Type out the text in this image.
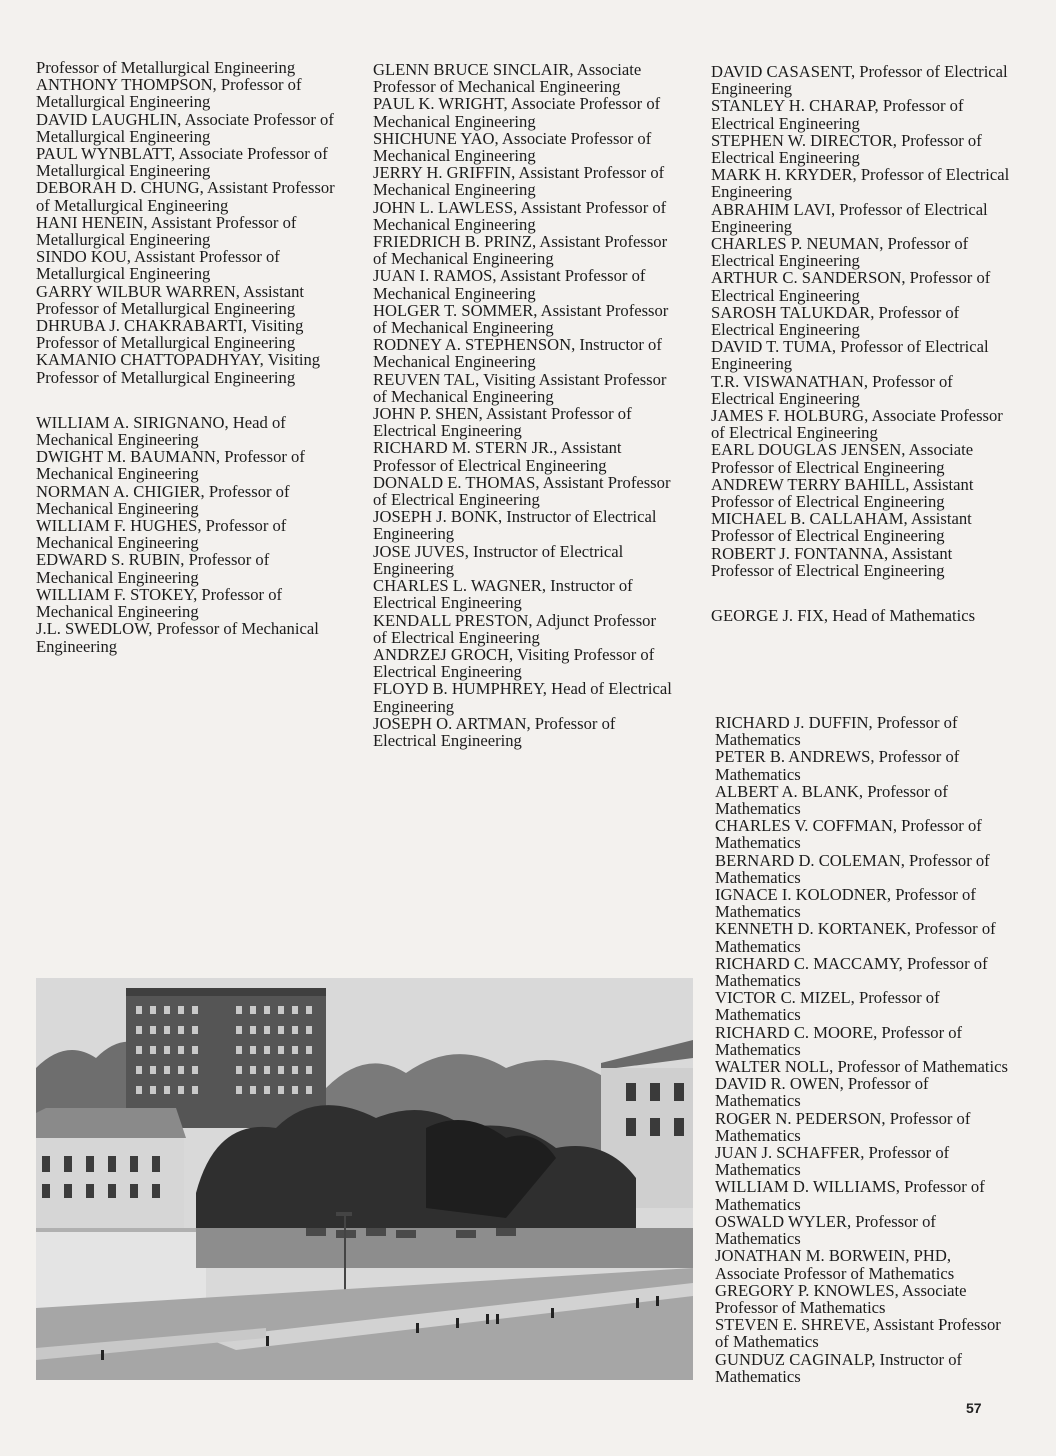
Professor of Metallurgical Engineering

ANTHONY THOMPSON, Professor of Metallurgical Engineering

DAVID LAUGHLIN, Associate Professor of Metallurgical Engineering

PAUL WYNBLATT, Associate Professor of Metallurgical Engineering

DEBORAH D. CHUNG, Assistant Professor of Metallurgical Engineering

HANI HENEIN, Assistant Professor of Metallurgical Engineering

SINDO KOU, Assistant Professor of Metallurgical Engineering

GARRY WILBUR WARREN, Assistant Professor of Metallurgical Engineering

DHRUBA J. CHAKRABARTI, Visiting Professor of Metallurgical Engineering

KAMANIO CHATTOPADHYAY, Visiting Professor of Metallurgical Engineering

WILLIAM A. SIRIGNANO, Head of Mechanical Engineering

DWIGHT M. BAUMANN, Professor of Mechanical Engineering

NORMAN A. CHIGIER, Professor of Mechanical Engineering

WILLIAM F. HUGHES, Professor of Mechanical Engineering

EDWARD S. RUBIN, Professor of Mechanical Engineering

WILLIAM F. STOKEY, Professor of Mechanical Engineering

J.L. SWEDLOW, Professor of Mechanical Engineering

GLENN BRUCE SINCLAIR, Associate Professor of Mechanical Engineering

PAUL K. WRIGHT, Associate Professor of Mechanical Engineering

SHICHUNE YAO, Associate Professor of Mechanical Engineering

JERRY H. GRIFFIN, Assistant Professor of Mechanical Engineering

JOHN L. LAWLESS, Assistant Professor of Mechanical Engineering

FRIEDRICH B. PRINZ, Assistant Professor of Mechanical Engineering

JUAN I. RAMOS, Assistant Professor of Mechanical Engineering

HOLGER T. SOMMER, Assistant Professor of Mechanical Engineering

RODNEY A. STEPHENSON, Instructor of Mechanical Engineering

REUVEN TAL, Visiting Assistant Professor of Mechanical Engineering

JOHN P. SHEN, Assistant Professor of Electrical Engineering

RICHARD M. STERN JR., Assistant Professor of Electrical Engineering

DONALD E. THOMAS, Assistant Professor of Electrical Engineering

JOSEPH J. BONK, Instructor of Electrical Engineering

JOSE JUVES, Instructor of Electrical Engineering

CHARLES L. WAGNER, Instructor of Electrical Engineering

KENDALL PRESTON, Adjunct Professor of Electrical Engineering

ANDRZEJ GROCH, Visiting Professor of Electrical Engineering

FLOYD B. HUMPHREY, Head of Electrical Engineering

JOSEPH O. ARTMAN, Professor of Electrical Engineering

DAVID CASASENT, Professor of Electrical Engineering

STANLEY H. CHARAP, Professor of Electrical Engineering

STEPHEN W. DIRECTOR, Professor of Electrical Engineering

MARK H. KRYDER, Professor of Electrical Engineering

ABRAHIM LAVI, Professor of Electrical Engineering

CHARLES P. NEUMAN, Professor of Electrical Engineering

ARTHUR C. SANDERSON, Professor of Electrical Engineering

SAROSH TALUKDAR, Professor of Electrical Engineering

DAVID T. TUMA, Professor of Electrical Engineering

T.R. VISWANATHAN, Professor of Electrical Engineering

JAMES F. HOLBURG, Associate Professor of Electrical Engineering

EARL DOUGLAS JENSEN, Associate Professor of Electrical Engineering

ANDREW TERRY BAHILL, Assistant Professor of Electrical Engineering

MICHAEL B. CALLAHAM, Assistant Professor of Electrical Engineering

ROBERT J. FONTANNA, Assistant Professor of Electrical Engineering

GEORGE J. FIX, Head of Mathematics

RICHARD J. DUFFIN, Professor of Mathematics

PETER B. ANDREWS, Professor of Mathematics

ALBERT A. BLANK, Professor of Mathematics

CHARLES V. COFFMAN, Professor of Mathematics

BERNARD D. COLEMAN, Professor of Mathematics

IGNACE I. KOLODNER, Professor of Mathematics

KENNETH D. KORTANEK, Professor of Mathematics

RICHARD C. MACCAMY, Professor of Mathematics

VICTOR C. MIZEL, Professor of Mathematics

RICHARD C. MOORE, Professor of Mathematics

WALTER NOLL, Professor of Mathematics

DAVID R. OWEN, Professor of Mathematics

ROGER N. PEDERSON, Professor of Mathematics

JUAN J. SCHAFFER, Professor of Mathematics

WILLIAM D. WILLIAMS, Professor of Mathematics

OSWALD WYLER, Professor of Mathematics

JONATHAN M. BORWEIN, PHD, Associate Professor of Mathematics

GREGORY P. KNOWLES, Associate Professor of Mathematics

STEVEN E. SHREVE, Assistant Professor of Mathematics

GUNDUZ CAGINALP, Instructor of Mathematics

57
